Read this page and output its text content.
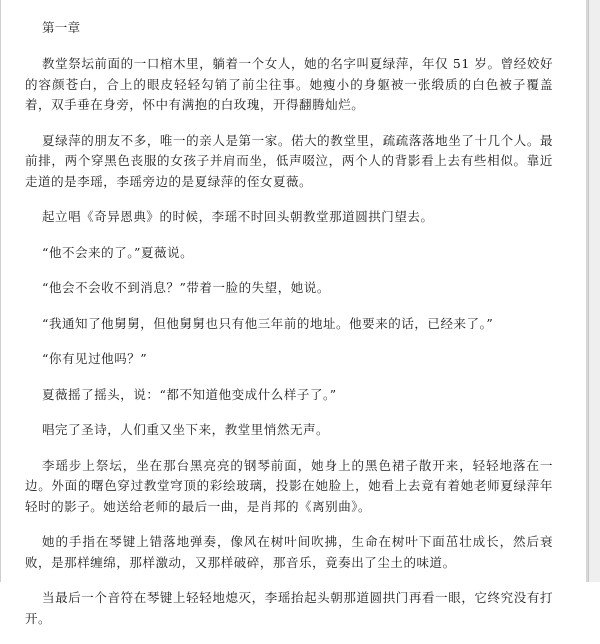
第一章

教堂祭坛前面的一口棺木里，躺着一个女人，她的名字叫夏绿萍，年仅 51 岁。曾经姣好的容颜苍白，合上的眼皮轻轻勾销了前尘往事。她瘦小的身躯被一张缎质的白色被子覆盖着，双手垂在身旁，怀中有满抱的白玫瑰，开得翻腾灿烂。

夏绿萍的朋友不多，唯一的亲人是第一家。偌大的教堂里，疏疏落落地坐了十几个人。最前排，两个穿黑色丧服的女孩子并肩而坐，低声啜泣，两个人的背影看上去有些相似。靠近走道的是李瑶，李瑶旁边的是夏绿萍的侄女夏薇。

起立唱《奇异恩典》的时候，李瑶不时回头朝教堂那道圆拱门望去。

“他不会来的了。”夏薇说。

“他会不会收不到消息？”带着一脸的失望，她说。

“我通知了他舅舅，但他舅舅也只有他三年前的地址。他要来的话，已经来了。”

“你有见过他吗？”

夏薇摇了摇头，说：“都不知道他变成什么样子了。”

唱完了圣诗，人们重又坐下来，教堂里悄然无声。

李瑶步上祭坛，坐在那台黑亮亮的钢琴前面，她身上的黑色裙子散开来，轻轻地落在一边。外面的曙色穿过教堂穹顶的彩绘玻璃，投影在她脸上，她看上去竟有着她老师夏绿萍年轻时的影子。她送给老师的最后一曲，是肖邦的《离别曲》。

她的手指在琴键上错落地弹奏，像风在树叶间吹拂，生命在树叶下面茁壮成长，然后衰败，是那样缠绵，那样激动，又那样破碎，那音乐，竟奏出了尘土的味道。

当最后一个音符在琴键上轻轻地熄灭，李瑶抬起头朝那道圆拱门再看一眼，它终究没有打开。
